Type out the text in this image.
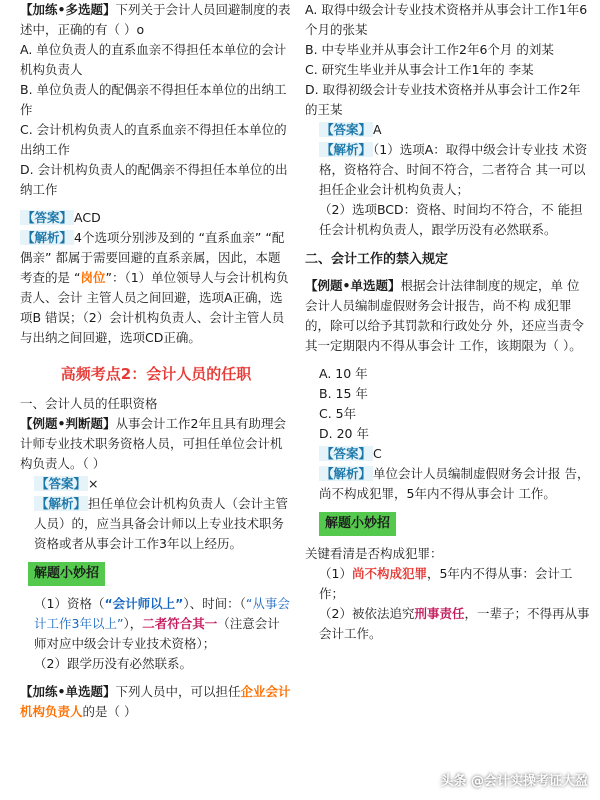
【加练•多选题】下列关于会计人员回避制度的表述中，正确的有（ ）o

A. 单位负责人的直系血亲不得担任本单位的会计机构负责人

B. 单位负责人的配偶亲不得担任本单位的出纳工作

C. 会计机构负责人的直系血亲不得担任本单位的出纳工作

D. 会计机构负责人的配偶亲不得担任本单位的出纳工作

【答案】 ACD

【解析】 4个选项分别涉及到的 “直系血亲” “配偶亲” 都属于需要回避的直系亲属，因此，本题考查的是 “岗位”：（1）单位领导人与会计机构负责人、会计 主管人员之间回避，选项A正确，选项B 错误；（2）会计机构负责人、会计主管人员与出纳之间回避，选项CD正确。

高频考点2：会计人员的任职

一、会计人员的任职资格

【例题•判断题】从事会计工作2年且具有助理会计师专业技术职务资格人员，可担任单位会计机构负责人。（ ）

【答案】 ×

【解析】 担任单位会计机构负责人（会计主管人员）的，应当具备会计师以上专业技术职务资格或者从事会计工作3年以上经历。

解题小妙招

（1）资格（“会计师以上”）、时间：（“从事会计工作3年以上”），二者符合其一（注意会计师对应中级会计专业技术资格）；

（2）跟学历没有必然联系。

【加练•单选题】下列人员中，可以担任企业会计机构负责人的是（ ）

A. 取得中级会计专业技术资格并从事会计工作1年6个月的张某

B. 中专毕业并从事会计工作2年6个月 的刘某

C. 研究生毕业并从事会计工作1年的 李某

D. 取得初级会计专业技术资格并从事会计工作2年的王某

【答案】 A

【解析】 （1）选项A：取得中级会计专业技 术资格，资格符合、时间不符合，二者符合 其一可以担任企业会计机构负责人；

（2）选项BCD：资格、时间均不符合，不 能担任会计机构负责人，跟学历没有必然联系。

二、会计工作的禁入规定

【例题•单选题】根据会计法律制度的规定，单 位会计人员编制虚假财务会计报告，尚不构 成犯罪的，除可以给予其罚款和行政处分 外，还应当责令其一定期限内不得从事会计 工作，该期限为（ ）。

A. 10 年

B. 15 年

C. 5年

D. 20 年

【答案】 C

【解析】 单位会计人员编制虚假财务会计报 告，尚不构成犯罪，5年内不得从事会计 工作。

解题小妙招

关键看清是否构成犯罪：

（1）尚不构成犯罪，5年内不得从事：会计工作；

（2）被依法追究刑事责任，一辈子；不得再从事会计工作。

头条 @会计实操考证大盈
